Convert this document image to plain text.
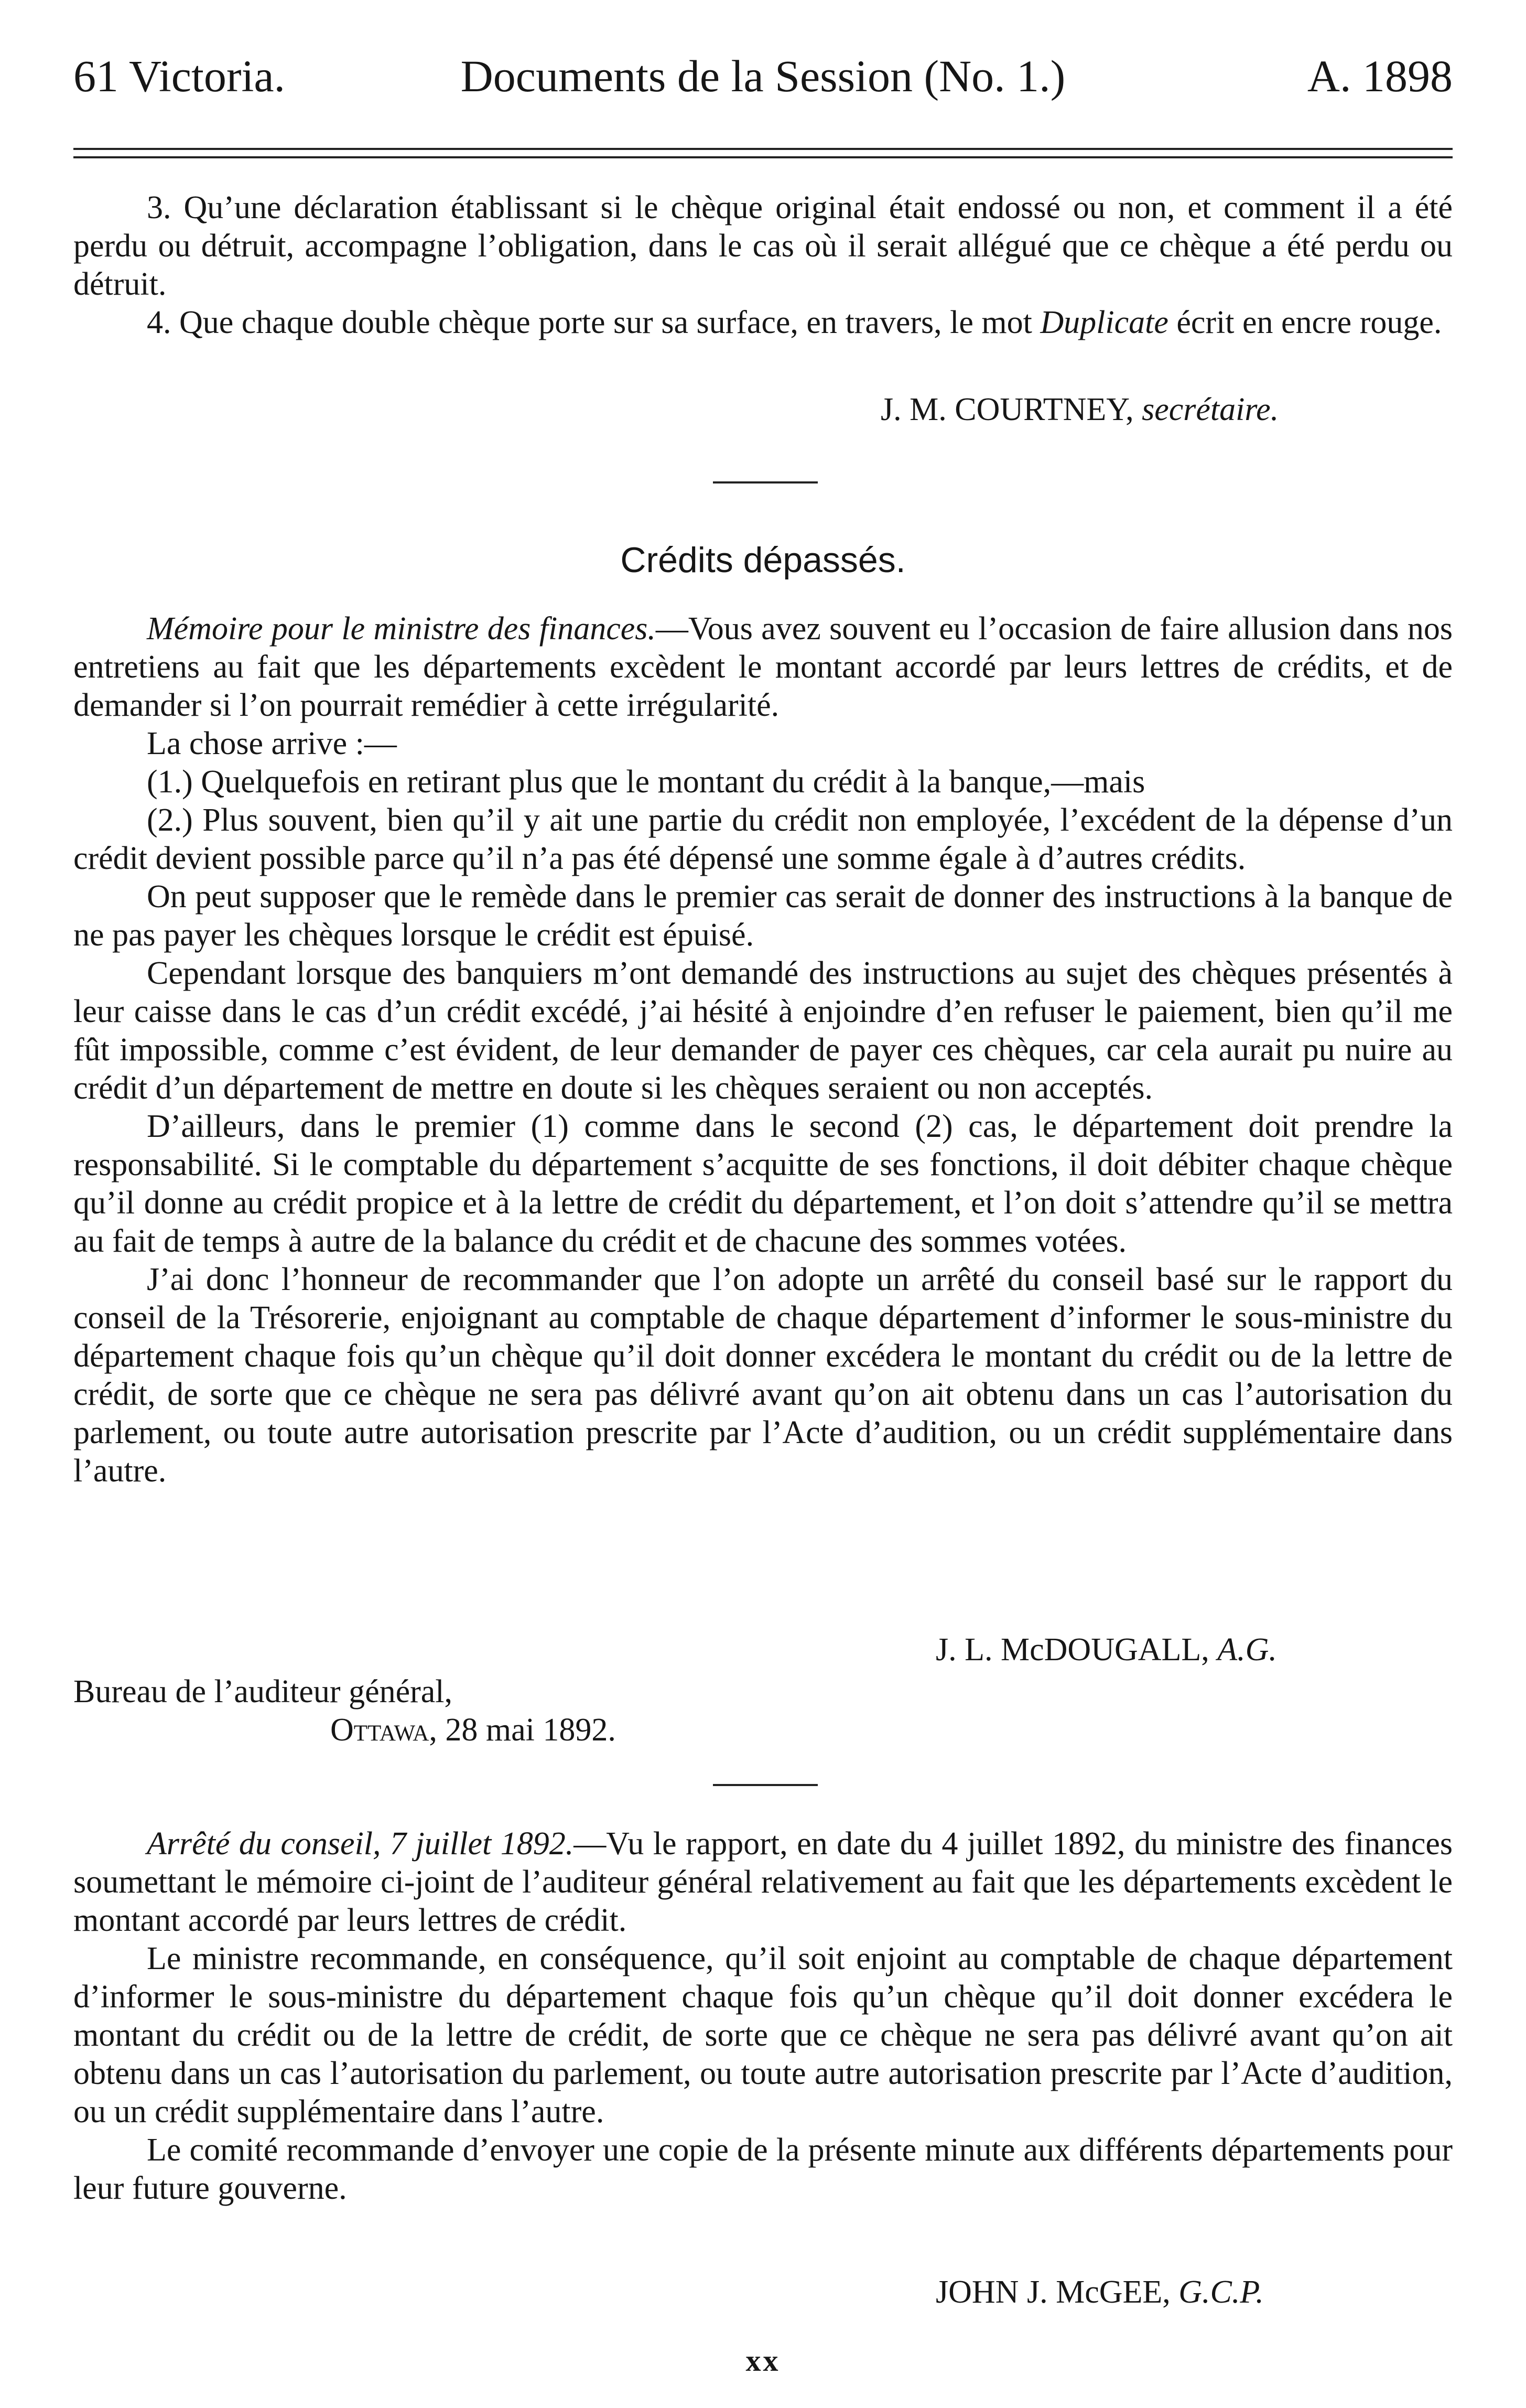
61 Victoria.	Documents de la Session (No. 1.)	A. 1898

3. Qu’une déclaration établissant si le chèque original était endossé ou non, et comment il a été perdu ou détruit, accompagne l’obligation, dans le cas où il serait allégué que ce chèque a été perdu ou détruit.

4. Que chaque double chèque porte sur sa surface, en travers, le mot Duplicate écrit en encre rouge.

J. M. COURTNEY, secrétaire.
Crédits dépassés.

Mémoire pour le ministre des finances.—Vous avez souvent eu l’occasion de faire allusion dans nos entretiens au fait que les départements excèdent le montant accordé par leurs lettres de crédits, et de demander si l’on pourrait remédier à cette irrégularité.

La chose arrive :—

(1.) Quelquefois en retirant plus que le montant du crédit à la banque,—mais

(2.) Plus souvent, bien qu’il y ait une partie du crédit non employée, l’excédent de la dépense d’un crédit devient possible parce qu’il n’a pas été dépensé une somme égale à d’autres crédits.

On peut supposer que le remède dans le premier cas serait de donner des instructions à la banque de ne pas payer les chèques lorsque le crédit est épuisé.

Cependant lorsque des banquiers m’ont demandé des instructions au sujet des chèques présentés à leur caisse dans le cas d’un crédit excédé, j’ai hésité à enjoindre d’en refuser le paiement, bien qu’il me fût impossible, comme c’est évident, de leur demander de payer ces chèques, car cela aurait pu nuire au crédit d’un département de mettre en doute si les chèques seraient ou non acceptés.

D’ailleurs, dans le premier (1) comme dans le second (2) cas, le département doit prendre la responsabilité. Si le comptable du département s’acquitte de ses fonctions, il doit débiter chaque chèque qu’il donne au crédit propice et à la lettre de crédit du département, et l’on doit s’attendre qu’il se mettra au fait de temps à autre de la balance du crédit et de chacune des sommes votées.

J’ai donc l’honneur de recommander que l’on adopte un arrêté du conseil basé sur le rapport du conseil de la Trésorerie, enjoignant au comptable de chaque département d’informer le sous-ministre du département chaque fois qu’un chèque qu’il doit donner excédera le montant du crédit ou de la lettre de crédit, de sorte que ce chèque ne sera pas délivré avant qu’on ait obtenu dans un cas l’autorisation du parlement, ou toute autre autorisation prescrite par l’Acte d’audition, ou un crédit supplémentaire dans l’autre.

J. L. McDOUGALL, A.G.
Bureau de l’auditeur général,
Ottawa, 28 mai 1892.

Arrêté du conseil, 7 juillet 1892.—Vu le rapport, en date du 4 juillet 1892, du ministre des finances soumettant le mémoire ci-joint de l’auditeur général relativement au fait que les départements excèdent le montant accordé par leurs lettres de crédit.

Le ministre recommande, en conséquence, qu’il soit enjoint au comptable de chaque département d’informer le sous-ministre du département chaque fois qu’un chèque qu’il doit donner excédera le montant du crédit ou de la lettre de crédit, de sorte que ce chèque ne sera pas délivré avant qu’on ait obtenu dans un cas l’autorisation du parlement, ou toute autre autorisation prescrite par l’Acte d’audition, ou un crédit supplémentaire dans l’autre.

Le comité recommande d’envoyer une copie de la présente minute aux différents départements pour leur future gouverne.

JOHN J. McGEE, G.C.P.
xx
